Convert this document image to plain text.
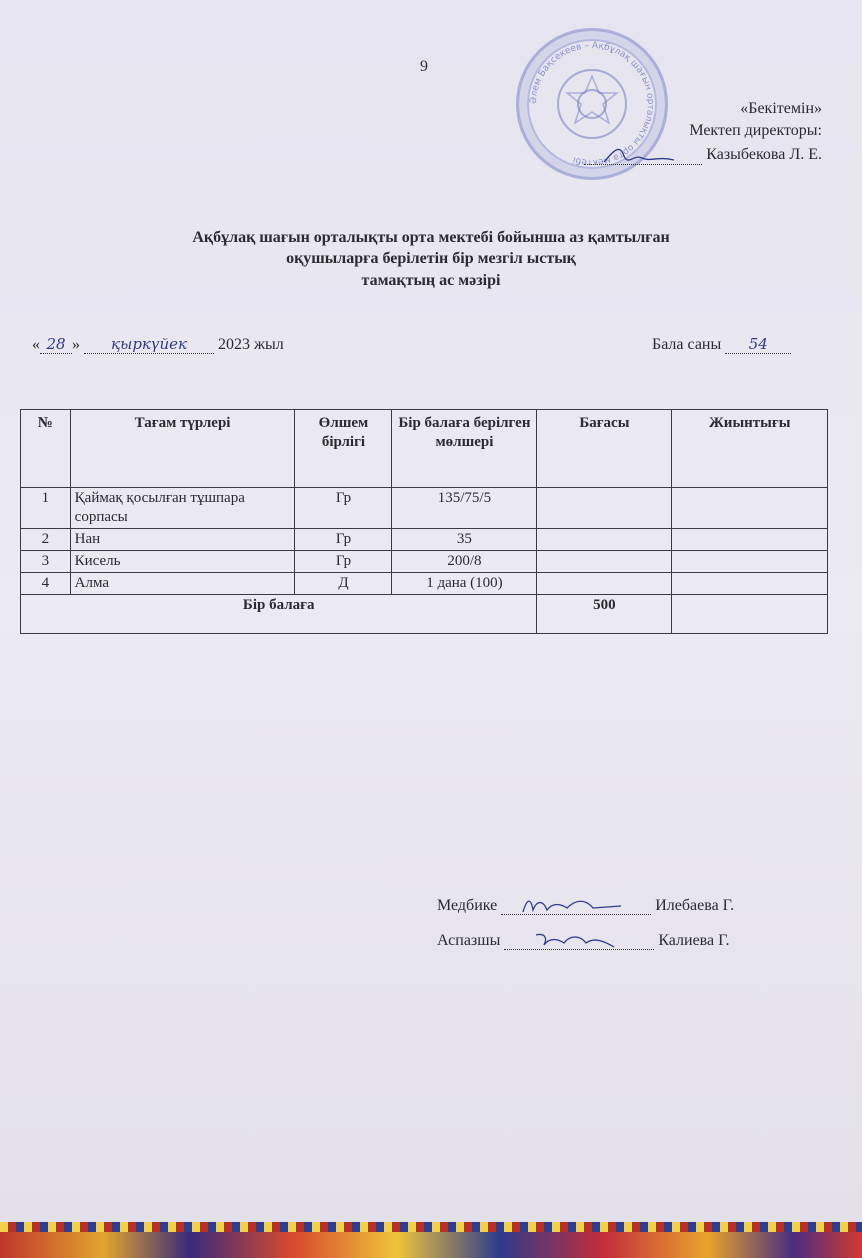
9
Әлем Бақсекеев – Ақбұлақ шағын орталықты орта мектебі
«Бекітемін»
Мектеп директоры:
Казыбекова Л. Е.
Ақбұлақ шағын орталықты орта мектебі бойынша аз қамтылған
оқушыларға берілетін бір мезгіл ыстық
тамақтың ас мәзірі
« 28 » қыркүйек 2023 жыл	Бала саны 54
№	Тағам түрлері	Өлшем бірлігі	Бір балаға берілген мөлшері	Бағасы	Жиынтығы
1	Қаймақ қосылған тұшпара сорпасы	Гр	135/75/5		
2	Нан	Гр	35		
3	Кисель	Гр	200/8		
4	Алма	Д	1 дана (100)		
Бір балаға				500	
Медбике	Илебаева Г.
Аспазшы	Калиева Г.
